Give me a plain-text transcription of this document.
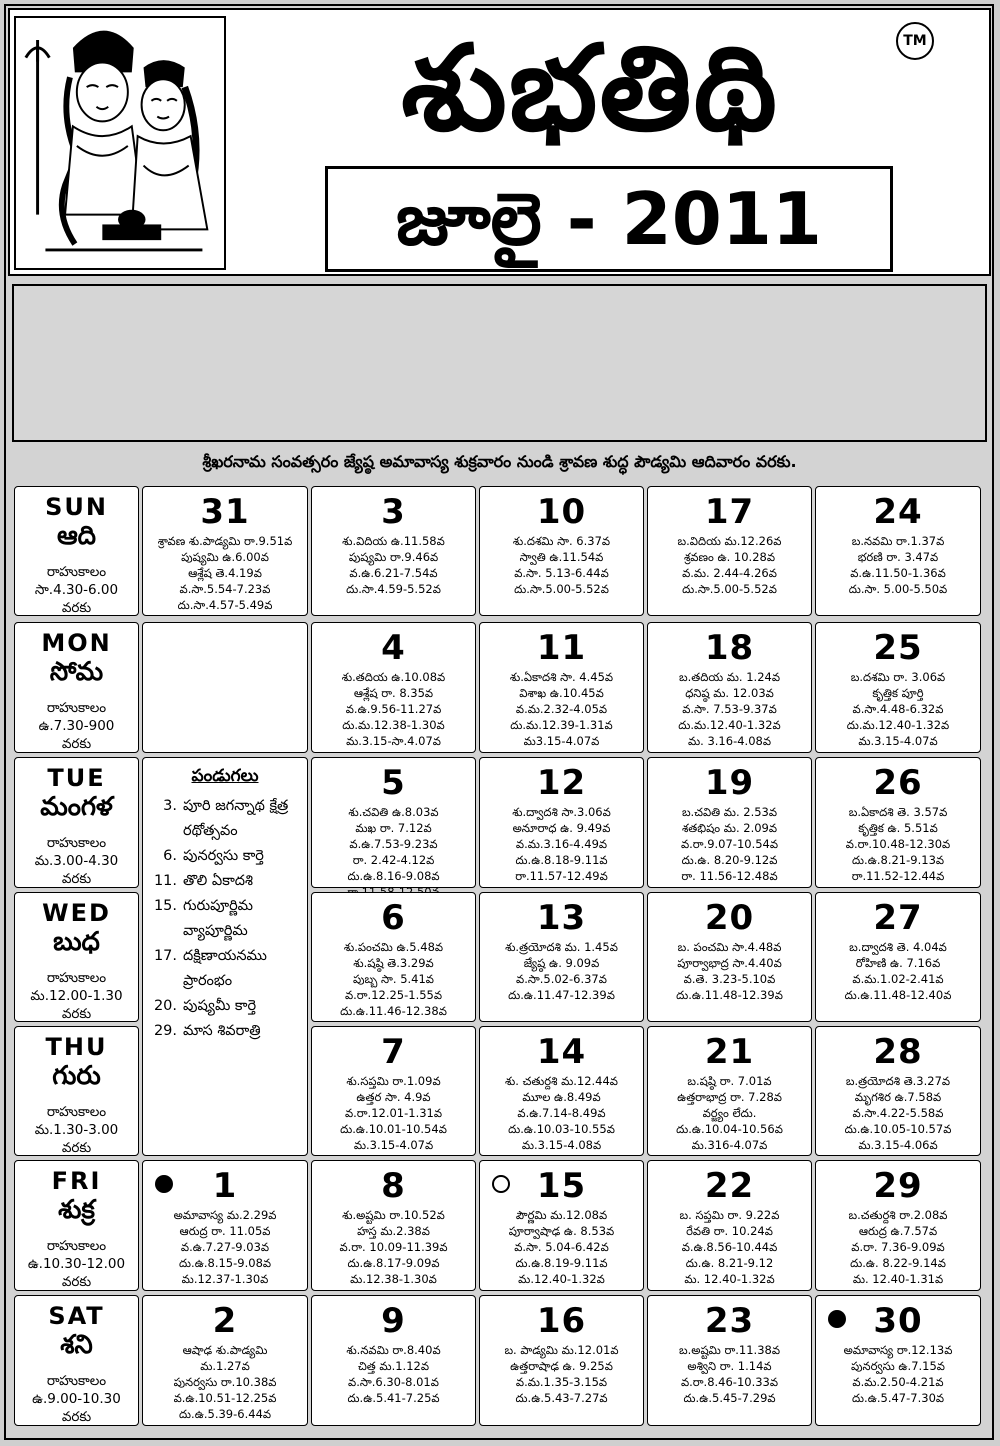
శుభతిథి	TM
జూలై - 2011
శ్రీఖరనామ సంవత్సరం జ్యేష్ఠ అమావాస్య శుక్రవారం నుండి శ్రావణ శుద్ధ పౌడ్యమి ఆదివారం వరకు.
SUN
ఆది
రాహుకాలం
సా.4.30-6.00
వరకు
MON
సోమ
రాహుకాలం
ఉ.7.30-900
వరకు
TUE
మంగళ
రాహుకాలం
మ.3.00-4.30
వరకు
WED
బుధ
రాహుకాలం
మ.12.00-1.30
వరకు
THU
గురు
రాహుకాలం
మ.1.30-3.00
వరకు
FRI
శుక్ర
రాహుకాలం
ఉ.10.30-12.00
వరకు
SAT
శని
రాహుకాలం
ఉ.9.00-10.30
వరకు
పండుగలు
3. పూరి జగన్నాథ క్షేత్ర
రథోత్సవం
6. పునర్వసు కార్తె
11. తొలి ఏకాదశి
15. గురుపూర్ణిమ
వ్యాపూర్ణిమ
17. దక్షిణాయనము
ప్రారంభం
20. పుష్యమీ కార్తె
29. మాస శివరాత్రి
31
శ్రావణ శు.పాడ్యమి రా.9.51వ
పుష్యమి ఉ.6.00వ
ఆశ్లేష తె.4.19వ
వ.సా.5.54-7.23వ
దు.సా.4.57-5.49వ
3
శు.విదియ ఉ.11.58వ
పుష్యమి రా.9.46వ
వ.ఉ.6.21-7.54వ
దు.సా.4.59-5.52వ
10
శు.దశమి సా. 6.37వ
స్వాతి ఉ.11.54వ
వ.సా. 5.13-6.44వ
దు.సా.5.00-5.52వ
17
బ.విదియ మ.12.26వ
శ్రవణం ఉ. 10.28వ
వ.మ. 2.44-4.26వ
దు.సా.5.00-5.52వ
24
బ.నవమి రా.1.37వ
భరణి రా. 3.47వ
వ.ఉ.11.50-1.36వ
దు.సా. 5.00-5.50వ
4
శు.తదియ ఉ.10.08వ
ఆశ్లేష రా. 8.35వ
వ.ఉ.9.56-11.27వ
దు.మ.12.38-1.30వ
మ.3.15-సా.4.07వ
11
శు.ఏకాదశి సా. 4.45వ
విశాఖ ఉ.10.45వ
వ.మ.2.32-4.05వ
దు.మ.12.39-1.31వ
మ3.15-4.07వ
18
బ.తదియ మ. 1.24వ
ధనిష్ఠ మ. 12.03వ
వ.సా. 7.53-9.37వ
దు.మ.12.40-1.32వ
మ. 3.16-4.08వ
25
బ.దశమి రా. 3.06వ
కృత్తిక పూర్తి
వ.సా.4.48-6.32వ
దు.మ.12.40-1.32వ
మ.3.15-4.07వ
5
శు.చవితి ఉ.8.03వ
మఖ రా. 7.12వ
వ.ఉ.7.53-9.23వ
రా. 2.42-4.12వ
దు.ఉ.8.16-9.08వ
12
శు.ద్వాదశి సా.3.06వ
అనూరాధ ఉ. 9.49వ
వ.మ.3.16-4.49వ
దు.ఉ.8.18-9.11వ
రా.11.57-12.49వ
19
బ.చవితి మ. 2.53వ
శతభిషం మ. 2.09వ
వ.రా.9.07-10.54వ
దు.ఉ. 8.20-9.12వ
రా. 11.56-12.48వ
26
బ.ఏకాదశి తె. 3.57వ
కృత్తిక ఉ. 5.51వ
వ.రా.10.48-12.30వ
దు.ఉ.8.21-9.13వ
రా.11.52-12.44వ
6
శు.పంచమి ఉ.5.48వ
శు.షష్ఠి తె.3.29వ
పుబ్బ సా. 5.41వ
వ.రా.12.25-1.55వ
దు.ఉ.11.46-12.38వ
13
శు.త్రయోదశి మ. 1.45వ
జ్యేష్ఠ ఉ. 9.09వ
వ.సా.5.02-6.37వ
దు.ఉ.11.47-12.39వ
20
బ. పంచమి సా.4.48వ
పూర్వాభాద్ర సా.4.40వ
వ.తె. 3.23-5.10వ
దు.ఉ.11.48-12.39వ
27
బ.ద్వాదశి తె. 4.04వ
రోహిణి ఉ. 7.16వ
వ.మ.1.02-2.41వ
దు.ఉ.11.48-12.40వ
7
శు.సప్తమి రా.1.09వ
ఉత్తర సా. 4.9వ
వ.రా.12.01-1.31వ
దు.ఉ.10.01-10.54వ
మ.3.15-4.07వ
14
శు. చతుర్దశి మ.12.44వ
మూల ఉ.8.49వ
వ.ఉ.7.14-8.49వ
దు.ఉ.10.03-10.55వ
మ.3.15-4.08వ
21
బ.షష్ఠి రా. 7.01వ
ఉత్తరాభాద్ర రా. 7.28వ
వర్జ్యం లేదు.
దు.ఉ.10.04-10.56వ
మ.316-4.07వ
28
బ.త్రయోదశి తె.3.27వ
మృగశిర ఉ.7.58వ
వ.సా.4.22-5.58వ
దు.ఉ.10.05-10.57వ
మ.3.15-4.06వ
1
అమావాస్య మ.2.29వ
ఆరుద్ర రా. 11.05వ
వ.ఉ.7.27-9.03వ
దు.ఉ.8.15-9.08వ
మ.12.37-1.30వ
8
శు.అష్టమి రా.10.52వ
హస్త మ.2.38వ
వ.రా. 10.09-11.39వ
దు.ఉ.8.17-9.09వ
మ.12.38-1.30వ
15
పౌర్ణమి మ.12.08వ
పూర్వాషాఢ ఉ. 8.53వ
వ.సా. 5.04-6.42వ
దు.ఉ.8.19-9.11వ
మ.12.40-1.32వ
22
బ. సప్తమి రా. 9.22వ
రేవతి రా. 10.24వ
వ.ఉ.8.56-10.44వ
దు.ఉ. 8.21-9.12
మ. 12.40-1.32వ
29
బ.చతుర్దశి రా.2.08వ
ఆరుద్ర ఉ.7.57వ
వ.రా. 7.36-9.09వ
దు.ఉ. 8.22-9.14వ
మ. 12.40-1.31వ
2
ఆషాఢ శు.పాడ్యమి
మ.1.27వ
పునర్వసు రా.10.38వ
వ.ఉ.10.51-12.25వ
దు.ఉ.5.39-6.44వ
9
శు.నవమి రా.8.40వ
చిత్త మ.1.12వ
వ.సా.6.30-8.01వ
దు.ఉ.5.41-7.25వ
16
బ. పాడ్యమి మ.12.01వ
ఉత్తరాషాఢ ఉ. 9.25వ
వ.మ.1.35-3.15వ
దు.ఉ.5.43-7.27వ
23
బ.అష్టమి రా.11.38వ
అశ్విని రా. 1.14వ
వ.రా.8.46-10.33వ
దు.ఉ.5.45-7.29వ
30
అమావాస్య రా.12.13వ
పునర్వసు ఉ.7.15వ
వ.మ.2.50-4.21వ
దు.ఉ.5.47-7.30వ
